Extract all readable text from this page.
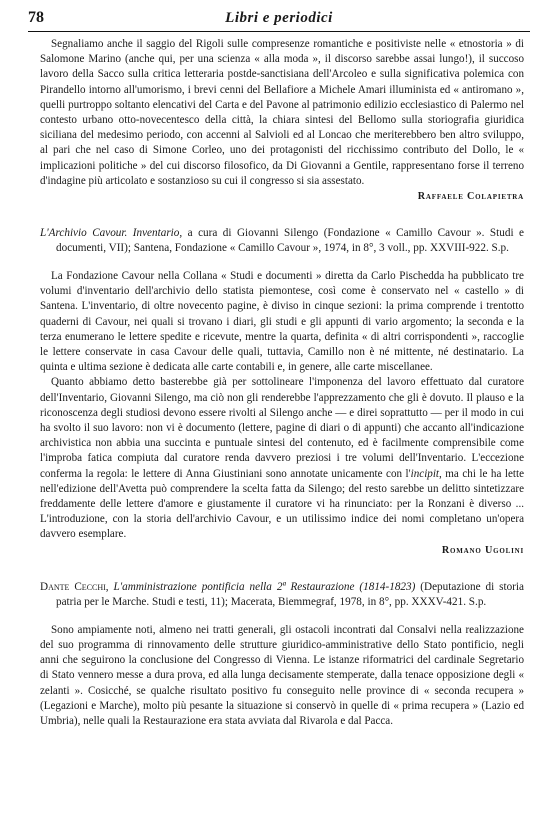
78	Libri e periodici

Segnaliamo anche il saggio del Rigoli sulle compresenze romantiche e positiviste nelle « etnostoria » di Salomone Marino (anche qui, per una scienza « alla moda », il discorso sarebbe assai lungo!), il succoso lavoro della Sacco sulla critica letteraria postde-sanctisiana dell'Arcoleo e sulla significativa polemica con Pirandello intorno all'umorismo, i brevi cenni del Bellafiore a Michele Amari illuminista ed « antiromano », quelli purtroppo soltanto elencativi del Carta e del Pavone al patrimonio edilizio ecclesiastico di Palermo nel contesto urbano otto-novecentesco della città, la chiara sintesi del Bellomo sulla storiografia giuridica siciliana del medesimo periodo, con accenni al Salvioli ed al Loncao che meriterebbero ben altro sviluppo, al pari che nel caso di Simone Corleo, uno dei protagonisti del ricchissimo contributo del Dollo, le « implicazioni politiche » del cui discorso filosofico, da Di Giovanni a Gentile, rappresentano forse il terreno d'indagine più articolato e sostanzioso su cui il congresso si sia assestato.

Raffaele Colapietra

L'Archivio Cavour. Inventario, a cura di Giovanni Silengo (Fondazione « Camillo Cavour ». Studi e documenti, VII); Santena, Fondazione « Camillo Cavour », 1974, in 8°, 3 voll., pp. XXVIII-922. S.p.

La Fondazione Cavour nella Collana « Studi e documenti » diretta da Carlo Pischedda ha pubblicato tre volumi d'inventario dell'archivio dello statista piemontese, così come è conservato nel « castello » di Santena. L'inventario, di oltre novecento pagine, è diviso in cinque sezioni: la prima comprende i trentotto quaderni di Cavour, nei quali si trovano i diari, gli studi e gli appunti di vario argomento; la seconda e la terza enumerano le lettere spedite e ricevute, mentre la quarta, definita « di altri corrispondenti », raccoglie le lettere conservate in casa Cavour delle quali, tuttavia, Camillo non è né mittente, né destinatario. La quinta e ultima sezione è dedicata alle carte contabili e, in genere, alle carte miscellanee.

Quanto abbiamo detto basterebbe già per sottolineare l'imponenza del lavoro effettuato dal curatore dell'Inventario, Giovanni Silengo, ma ciò non gli renderebbe l'apprezzamento che gli è dovuto. Il plauso e la riconoscenza degli studiosi devono essere rivolti al Silengo anche — e direi soprattutto — per il modo in cui ha svolto il suo lavoro: non vi è documento (lettere, pagine di diari o di appunti) che accanto all'indicazione archivistica non abbia una succinta e puntuale sintesi del contenuto, ed è facilmente comprensibile come l'improba fatica compiuta dal curatore renda davvero preziosi i tre volumi dell'Inventario. L'eccezione conferma la regola: le lettere di Anna Giustiniani sono annotate unicamente con l'incipit, ma chi le ha lette nell'edizione dell'Avetta può comprendere la scelta fatta da Silengo; del resto sarebbe un delitto sintetizzare freddamente delle lettere d'amore e giustamente il curatore vi ha rinunciato: per la Ronzani è diverso ... L'introduzione, con la storia dell'archivio Cavour, e un utilissimo indice dei nomi completano un'opera davvero esemplare.

Romano Ugolini

Dante Cecchi, L'amministrazione pontificia nella 2ª Restaurazione (1814-1823) (Deputazione di storia patria per le Marche. Studi e testi, 11); Macerata, Biemmegraf, 1978, in 8°, pp. XXXV-421. S.p.

Sono ampiamente noti, almeno nei tratti generali, gli ostacoli incontrati dal Consalvi nella realizzazione del suo programma di rinnovamento delle strutture giuridico-amministrative dello Stato pontificio, negli anni che seguirono la conclusione del Congresso di Vienna. Le istanze riformatrici del cardinale Segretario di Stato vennero messe a dura prova, ed alla lunga decisamente stemperate, dalla tenace opposizione degli « zelanti ». Cosicché, se qualche risultato positivo fu conseguito nelle province di « seconda recupera » (Legazioni e Marche), molto più pesante la situazione si conservò in quelle di « prima recupera » (Lazio ed Umbria), nelle quali la Restaurazione era stata avviata dal Rivarola e dal Pacca.
